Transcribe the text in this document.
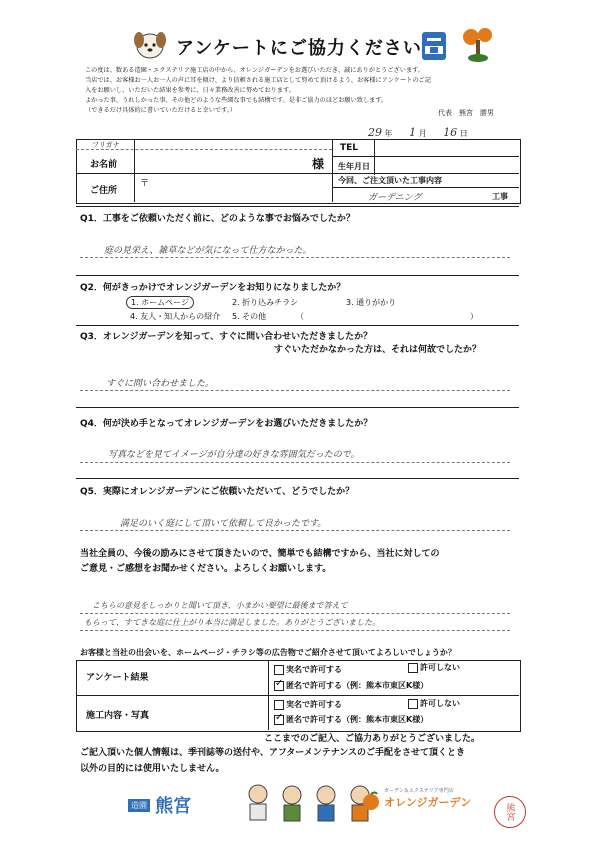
アンケートにご協力ください
この度は、数ある造園・エクステリア施工店の中から、オレンジガーデンをお選びいただき、誠にありがとうございます。
当店では、お客様お一人お一人の声に耳を傾け、より信頼される施工店として努めて頂けるよう、お客様にアンケートのご記
入をお願いし、いただいた結果を参考に、日々業務改善に努めております。
よかった事、うれしかった事、その他どのような些細な事でも結構です。是非ご協力のほどお願い致します。
（できるだけ具体的に書いていただけると幸いです。）	代表　熊宮　勝男
29 年 1 月 16 日
フリガナ
お名前	様
ご住所
〒
TEL
生年月日
今回、ご注文頂いた工事内容
ガーデニング	工事
Q1．工事をご依頼いただく前に、どのような事でお悩みでしたか？
庭の見栄え、雑草などが気になって仕方なかった。
Q2．何がきっかけでオレンジガーデンをお知りになりましたか？
1. ホームページ	2. 折り込みチラシ	3. 通りがかり
4. 友人・知人からの紹介 5. その他	（	）
Q3．オレンジガーデンを知って、すぐに問い合わせいただきましたか？
すぐいただかなかった方は、それは何故でしたか？
すぐに問い合わせました。
Q4．何が決め手となってオレンジガーデンをお選びいただきましたか？
写真などを見てイメージが自分達の好きな雰囲気だったので。
Q5．実際にオレンジガーデンにご依頼いただいて、どうでしたか？
満足のいく庭にして頂いて依頼して良かったです。
当社全員の、今後の励みにさせて頂きたいので、簡単でも結構ですから、当社に対しての
ご意見・ご感想をお聞かせください。よろしくお願いします。
こちらの意見をしっかりと聞いて頂き、小まかい要望に最後まで答えて
もらって、すてきな庭に仕上がり本当に満足しました。ありがとうございました。
お客様と当社の出会いを、ホームページ・チラシ等の広告物でご紹介させて頂いてよろしいでしょうか？
アンケート結果
実名で許可する	許可しない
✓ 匿名で許可する（例：熊本市東区K様）
施工内容・写真
実名で許可する	許可しない
✓ 匿名で許可する（例：熊本市東区K様）
ここまでのご記入、ご協力ありがとうございました。
ご記入頂いた個人情報は、季刊誌等の送付や、アフターメンテナンスのご手配をさせて頂くとき
以外の目的には使用いたしません。
造園 熊宮
ガーデン＆エクステリア専門店
オレンジガーデン
熊宮
